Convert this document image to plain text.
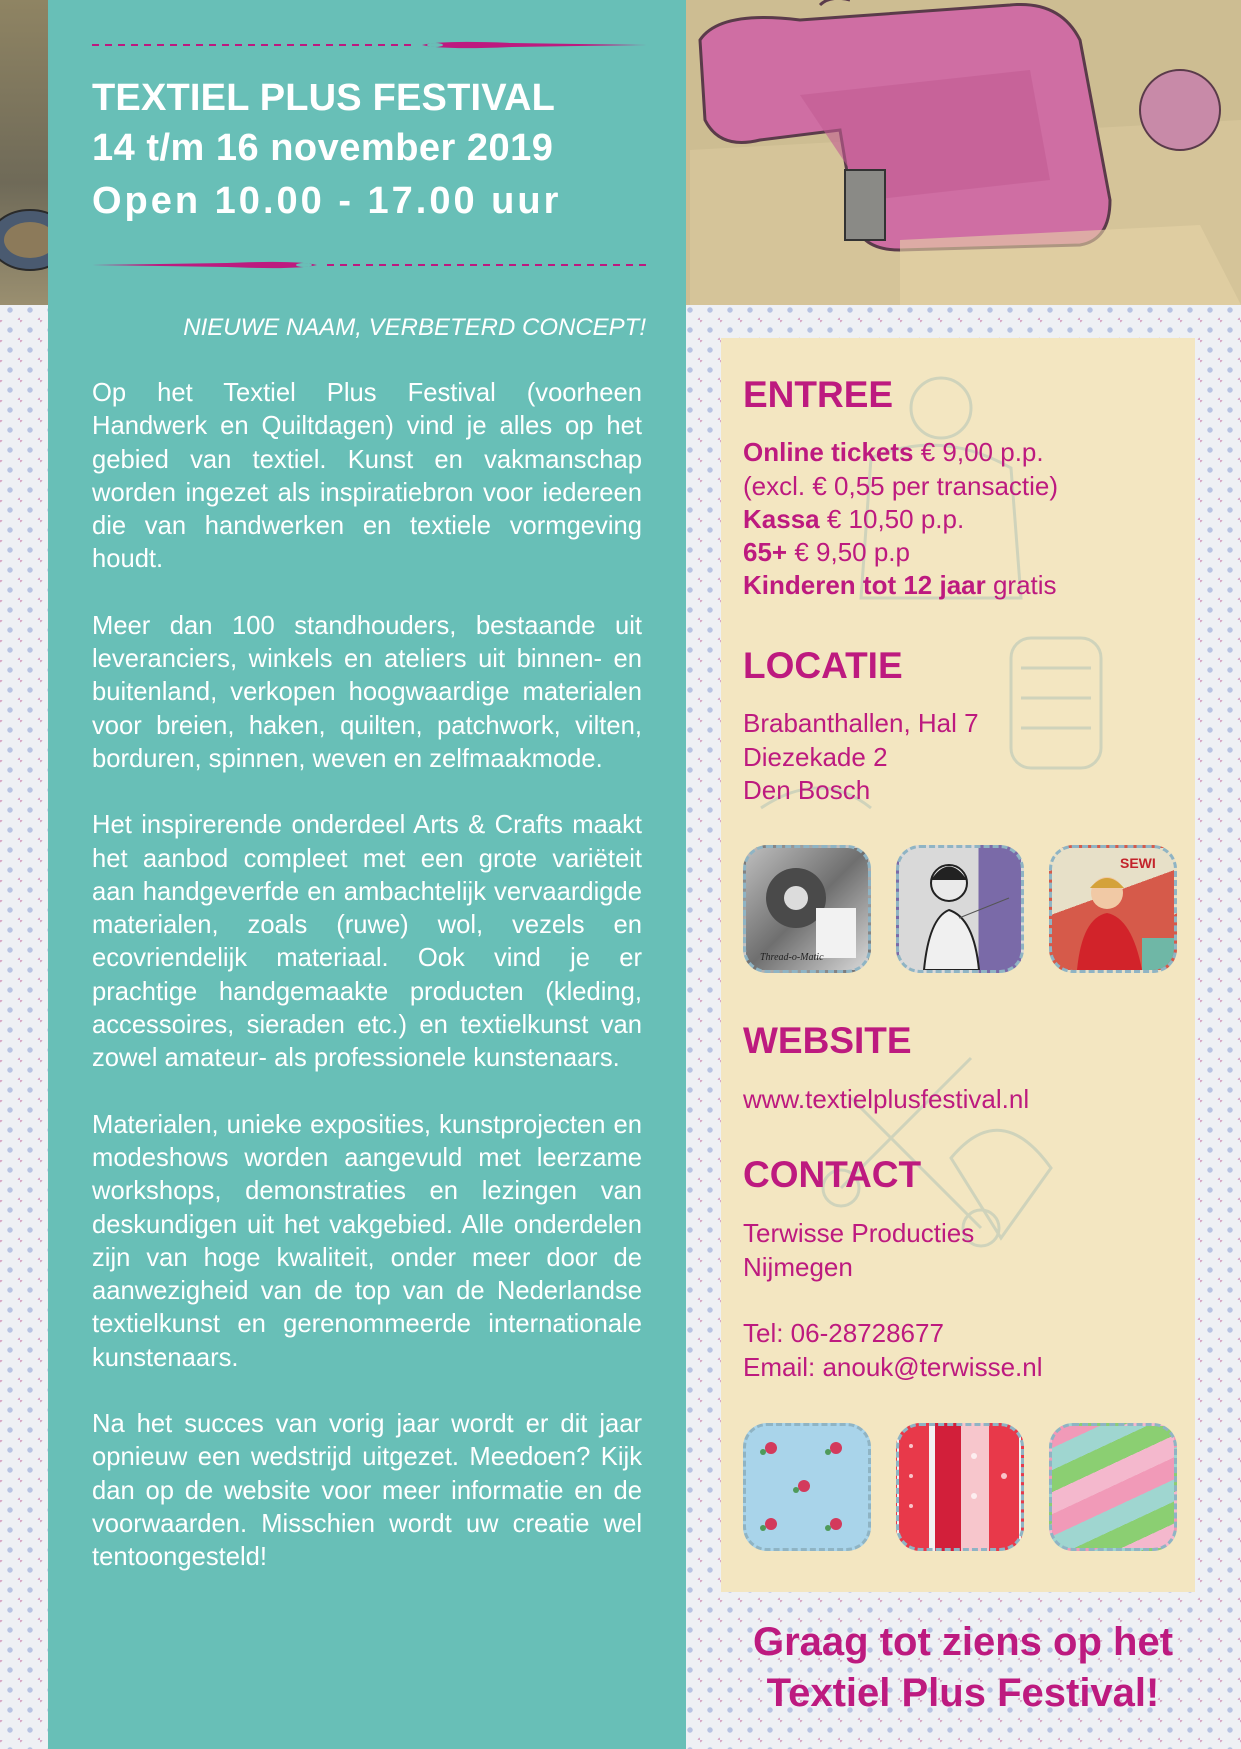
TEXTIEL PLUS FESTIVAL
14 t/m 16 november 2019
Open 10.00 - 17.00 uur
NIEUWE NAAM, VERBETERD CONCEPT!

Op het Textiel Plus Festival (voorheen Handwerk en Quiltdagen) vind je alles op het gebied van textiel. Kunst en vakmanschap worden ingezet als inspiratiebron voor iedereen die van handwerken en textiele vormgeving houdt.

Meer dan 100 standhouders, bestaande uit leveranciers, winkels en ateliers uit binnen- en buitenland, verkopen hoogwaardige materialen voor breien, haken, quilten, patchwork, vilten, borduren, spinnen, weven en zelfmaakmode.

Het inspirerende onderdeel Arts & Crafts maakt het aanbod compleet met een grote variëteit aan handgeverfde en ambachtelijk vervaardigde materialen, zoals (ruwe) wol, vezels en ecovriendelijk materiaal. Ook vind je er prachtige handgemaakte producten (kleding, accessoires, sieraden etc.) en textielkunst van zowel amateur- als professionele kunstenaars.

Materialen, unieke exposities, kunstprojecten en modeshows worden aangevuld met leerzame workshops, demonstraties en lezingen van deskundigen uit het vakgebied. Alle onderdelen zijn van hoge kwaliteit, onder meer door de aanwezigheid van de top van de Nederlandse textielkunst en gerenommeerde internationale kunstenaars.

Na het succes van vorig jaar wordt er dit jaar opnieuw een wedstrijd uitgezet. Meedoen? Kijk dan op de website voor meer informatie en de voorwaarden. Misschien wordt uw creatie wel tentoongesteld!

ENTREE
Online tickets € 9,00 p.p.
(excl. € 0,55 per transactie)
Kassa € 10,50 p.p.
65+ € 9,50 p.p
Kinderen tot 12 jaar gratis
LOCATIE
Brabanthallen, Hal 7
Diezekade 2
Den Bosch
Thread-o-Matic
SEWI
WEBSITE
www.textielplusfestival.nl
CONTACT
Terwisse Producties
Nijmegen
Tel: 06-28728677
Email: anouk@terwisse.nl
Graag tot ziens op het
Textiel Plus Festival!
